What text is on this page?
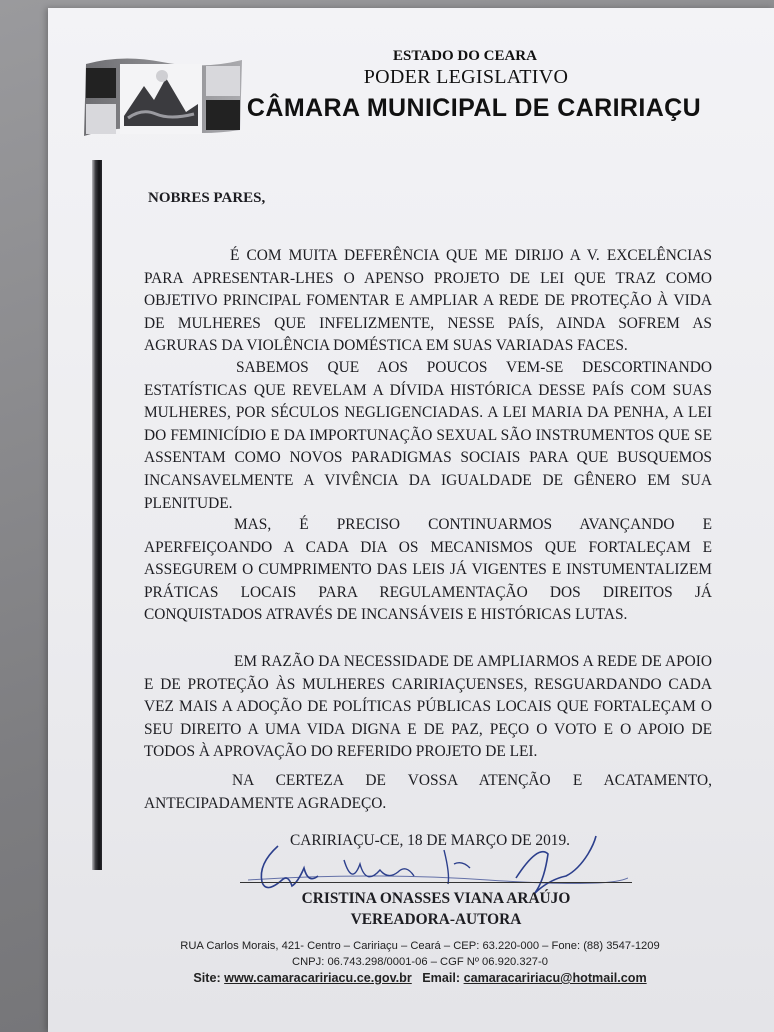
ESTADO DO CEARA
PODER LEGISLATIVO
CÂMARA MUNICIPAL DE CARIRIAÇU
NOBRES PARES,
É COM MUITA DEFERÊNCIA QUE ME DIRIJO A V. EXCELÊNCIAS PARA APRESENTAR-LHES O APENSO PROJETO DE LEI QUE TRAZ COMO OBJETIVO PRINCIPAL FOMENTAR E AMPLIAR A REDE DE PROTEÇÃO À VIDA DE MULHERES QUE INFELIZMENTE, NESSE PAÍS, AINDA SOFREM AS AGRURAS DA VIOLÊNCIA DOMÉSTICA EM SUAS VARIADAS FACES.
SABEMOS QUE AOS POUCOS VEM-SE DESCORTINANDO ESTATÍSTICAS QUE REVELAM A DÍVIDA HISTÓRICA DESSE PAÍS COM SUAS MULHERES, POR SÉCULOS NEGLIGENCIADAS. A LEI MARIA DA PENHA, A LEI DO FEMINICÍDIO E DA IMPORTUNAÇÃO SEXUAL SÃO INSTRUMENTOS QUE SE ASSENTAM COMO NOVOS PARADIGMAS SOCIAIS PARA QUE BUSQUEMOS INCANSAVELMENTE A VIVÊNCIA DA IGUALDADE DE GÊNERO EM SUA PLENITUDE.
MAS, É PRECISO CONTINUARMOS AVANÇANDO E APERFEIÇOANDO A CADA DIA OS MECANISMOS QUE FORTALEÇAM E ASSEGUREM O CUMPRIMENTO DAS LEIS JÁ VIGENTES E INSTUMENTALIZEM PRÁTICAS LOCAIS PARA REGULAMENTAÇÃO DOS DIREITOS JÁ CONQUISTADOS ATRAVÉS DE INCANSÁVEIS E HISTÓRICAS LUTAS.
EM RAZÃO DA NECESSIDADE DE AMPLIARMOS A REDE DE APOIO E DE PROTEÇÃO ÀS MULHERES CARIRIAÇUENSES, RESGUARDANDO CADA VEZ MAIS A ADOÇÃO DE POLÍTICAS PÚBLICAS LOCAIS QUE FORTALEÇAM O SEU DIREITO A UMA VIDA DIGNA E DE PAZ, PEÇO O VOTO E O APOIO DE TODOS À APROVAÇÃO DO REFERIDO PROJETO DE LEI.
NA CERTEZA DE VOSSA ATENÇÃO E ACATAMENTO, ANTECIPADAMENTE AGRADEÇO.
CARIRIAÇU-CE, 18 DE MARÇO DE 2019.
CRISTINA ONASSES VIANA ARAÚJO
VEREADORA-AUTORA
RUA Carlos Morais, 421- Centro – Caririaçu – Ceará – CEP: 63.220-000 – Fone: (88) 3547-1209
CNPJ: 06.743.298/0001-06 – CGF Nº 06.920.327-0
Site: www.camaracaririacu.ce.gov.br Email: camaracaririacu@hotmail.com
